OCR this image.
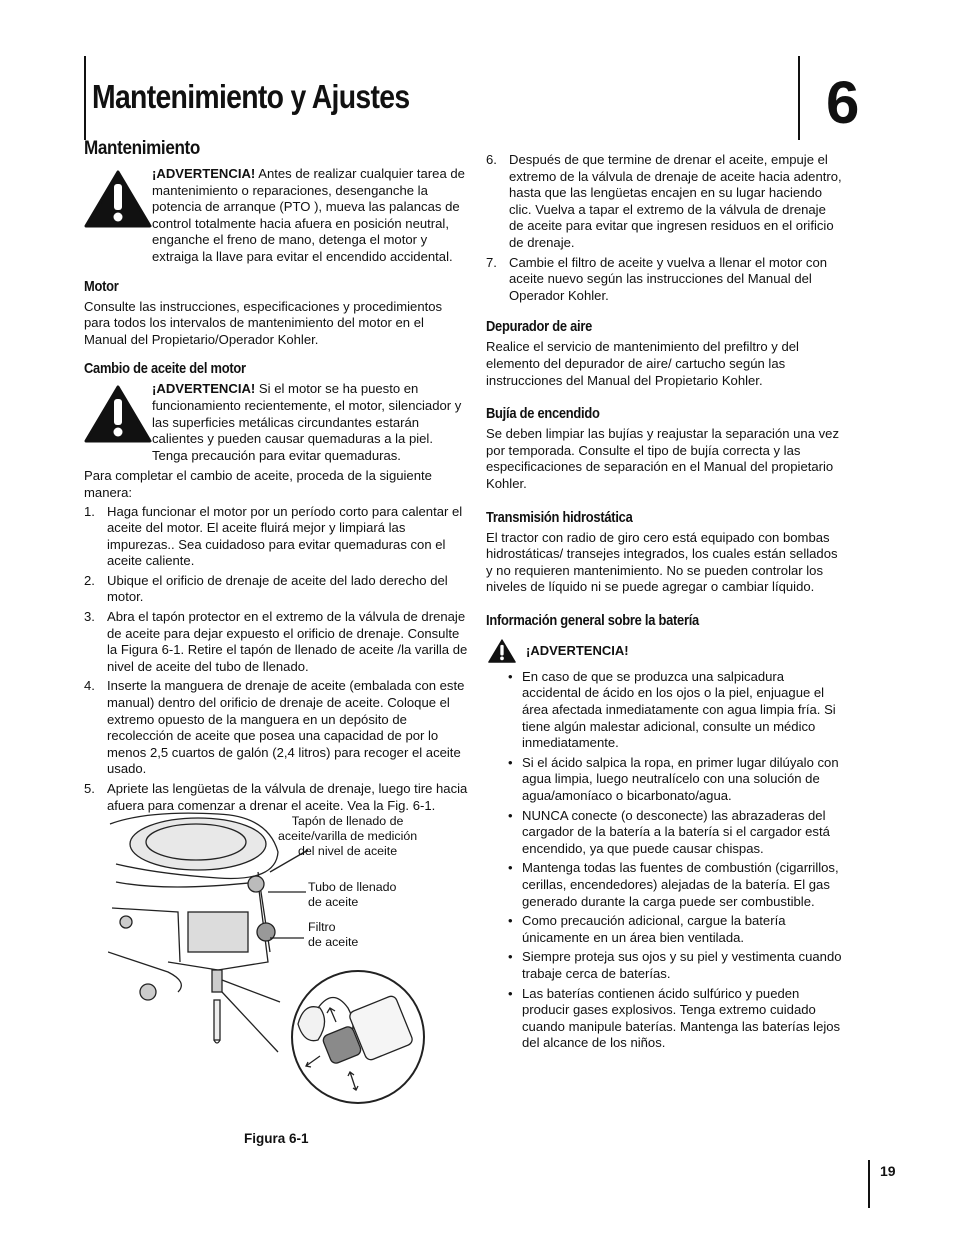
Mantenimiento y Ajustes	6
Mantenimiento
¡ADVERTENCIA! Antes de realizar cualquier tarea de mantenimiento o reparaciones, desenganche la potencia de arranque (PTO ), mueva las palancas de control totalmente hacia afuera en posición neutral, enganche el freno de mano, detenga el motor y extraiga la llave para evitar el encendido accidental.
Motor

Consulte las instrucciones, especificaciones y procedimientos para todos los intervalos de mantenimiento del motor en el Manual del Propietario/Operador Kohler.

Cambio de aceite del motor
¡ADVERTENCIA! Si el motor se ha puesto en funcionamiento recientemente, el motor, silenciador y las superficies metálicas circundantes estarán calientes y pueden causar quemaduras a la piel. Tenga precaución para evitar quemaduras.

Para completar el cambio de aceite, proceda de la siguiente manera:

1. Haga funcionar el motor por un período corto para calentar el aceite del motor. El aceite fluirá mejor y limpiará las impurezas.. Sea cuidadoso para evitar quemaduras con el aceite caliente.
2. Ubique el orificio de drenaje de aceite del lado derecho del motor.
3. Abra el tapón protector en el extremo de la válvula de drenaje de aceite para dejar expuesto el orificio de drenaje. Consulte la Figura 6-1. Retire el tapón de llenado de aceite /la varilla de nivel de aceite del tubo de llenado.
4. Inserte la manguera de drenaje de aceite (embalada con este manual) dentro del orificio de drenaje de aceite. Coloque el extremo opuesto de la manguera en un depósito de recolección de aceite que posea una capacidad de por lo menos 2,5 cuartos de galón (2,4 litros) para recoger el aceite usado.
5. Apriete las lengüetas de la válvula de drenaje, luego tire hacia afuera para comenzar a drenar el aceite. Vea la Fig. 6-1.
Tapón de llenado de
aceite/varilla de medición
del nivel de aceite
Tubo de llenado
de aceite
Filtro
de aceite
Figura 6-1
6. Después de que termine de drenar el aceite, empuje el extremo de la válvula de drenaje de aceite hacia adentro, hasta que las lengüetas encajen en su lugar haciendo clic. Vuelva a tapar el extremo de la válvula de drenaje de aceite para evitar que ingresen residuos en el orificio de drenaje.
7. Cambie el filtro de aceite y vuelva a llenar el motor con aceite nuevo según las instrucciones del Manual del Operador Kohler.
Depurador de aire

Realice el servicio de mantenimiento del prefiltro y del elemento del depurador de aire/ cartucho según las instrucciones del Manual del Propietario Kohler.

Bujía de encendido

Se deben limpiar las bujías y reajustar la separación una vez por temporada. Consulte el tipo de bujía correcta y las especificaciones de separación en el Manual del propietario Kohler.

Transmisión hidrostática

El tractor con radio de giro cero está equipado con bombas hidrostáticas/ transejes integrados, los cuales están sellados y no requieren mantenimiento. No se pueden controlar los niveles de líquido ni se puede agregar o cambiar líquido.

Información general sobre la batería
¡ADVERTENCIA!
• En caso de que se produzca una salpicadura accidental de ácido en los ojos o la piel, enjuague el área afectada inmediatamente con agua limpia fría. Si tiene algún malestar adicional, consulte un médico inmediatamente.
• Si el ácido salpica la ropa, en primer lugar dilúyalo con agua limpia, luego neutralícelo con una solución de agua/amoníaco o bicarbonato/agua.
• NUNCA conecte (o desconecte) las abrazaderas del cargador de la batería a la batería si el cargador está encendido, ya que puede causar chispas.
• Mantenga todas las fuentes de combustión (cigarrillos, cerillas, encendedores) alejadas de la batería. El gas generado durante la carga puede ser combustible.
• Como precaución adicional, cargue la batería únicamente en un área bien ventilada.
• Siempre proteja sus ojos y su piel y vestimenta cuando trabaje cerca de baterías.
• Las baterías contienen ácido sulfúrico y pueden producir gases explosivos. Tenga extremo cuidado cuando manipule baterías. Mantenga las baterías lejos del alcance de los niños.
19
